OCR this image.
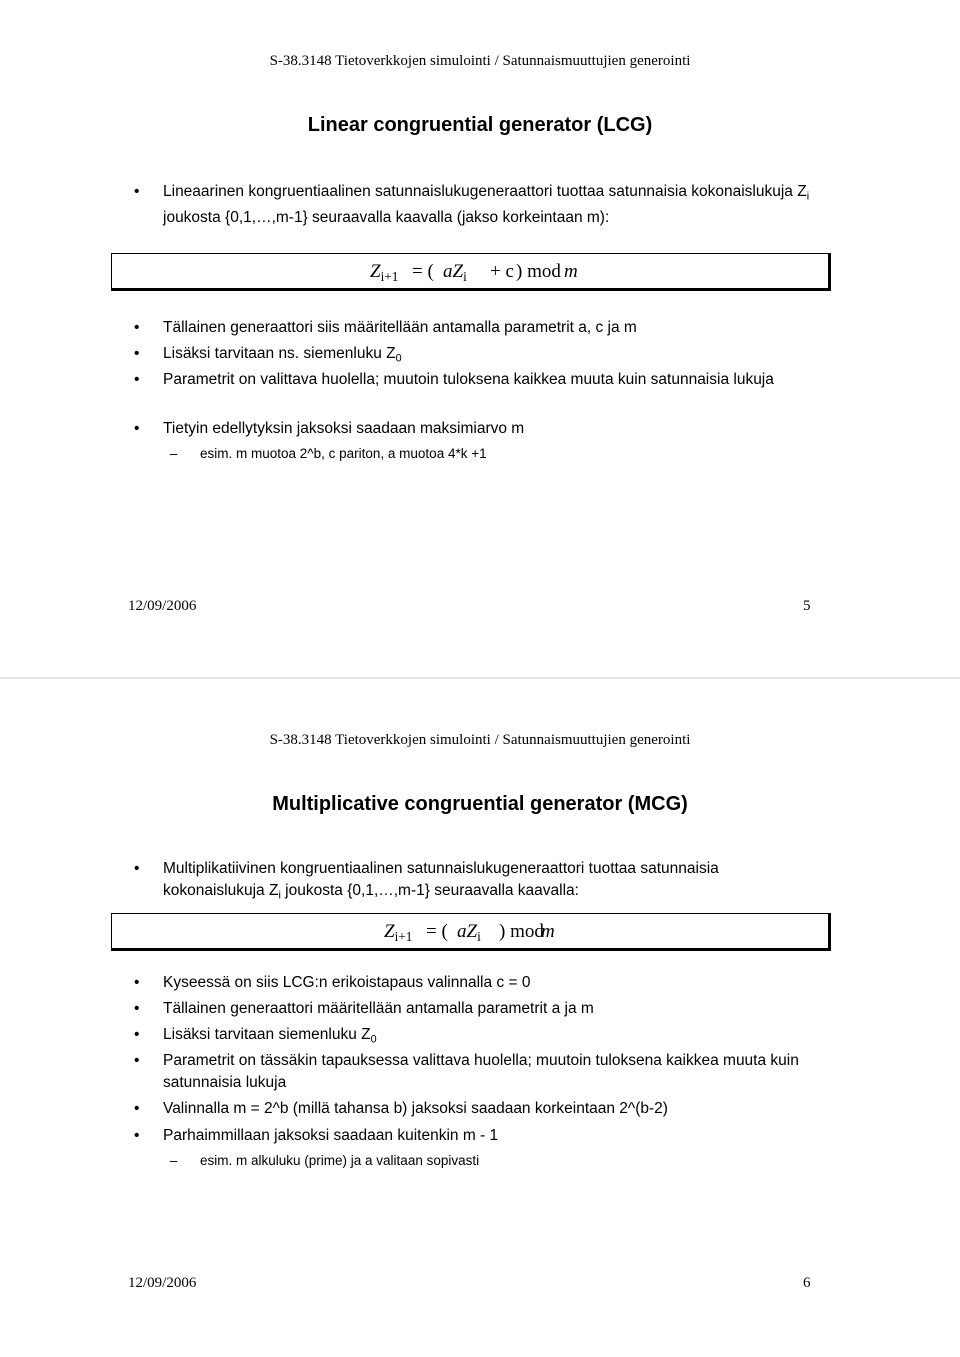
S-38.3148 Tietoverkkojen simulointi / Satunnaismuuttujien generointi
Linear congruential generator (LCG)
• Lineaarinen kongruentiaalinen satunnaislukugeneraattori tuottaa satunnaisia kokonaislukuja $Z_i$ joukosta {0,1,…,m-1} seuraavalla kaavalla (jakso korkeintaan m):
$Z_{i+1}$ = ( $aZ_i + c$ ) mod m
• Tällainen generaattori siis määritellään antamalla parametrit a, c ja m
• Lisäksi tarvitaan ns. siemenluku $Z_0$
• Parametrit on valittava huolella; muutoin tuloksena kaikkea muuta kuin satunnaisia lukuja
• Tietyin edellytyksin jaksoksi saadaan maksimiarvo m
– esim. m muotoa 2^b, c pariton, a muotoa 4*k +1
12/09/2006	5
S-38.3148 Tietoverkkojen simulointi / Satunnaismuuttujien generointi
Multiplicative congruential generator (MCG)
• Multiplikatiivinen kongruentiaalinen satunnaislukugeneraattori tuottaa satunnaisia kokonaislukuja $Z_i$ joukosta {0,1,…,m-1} seuraavalla kaavalla:
$Z_{i+1}$ = ( $aZ_i$ ) mod
m
• Kyseessä on siis LCG:n erikoistapaus valinnalla c = 0
• Tällainen generaattori määritellään antamalla parametrit a ja m
• Lisäksi tarvitaan siemenluku $Z_0$
• Parametrit on tässäkin tapauksessa valittava huolella; muutoin tuloksena kaikkea muuta kuin satunnaisia lukuja
• Valinnalla m = 2^b (millä tahansa b) jaksoksi saadaan korkeintaan 2^(b-2)
• Parhaimmillaan jaksoksi saadaan kuitenkin m - 1
– esim. m alkuluku (prime) ja a valitaan sopivasti
12/09/2006	6
